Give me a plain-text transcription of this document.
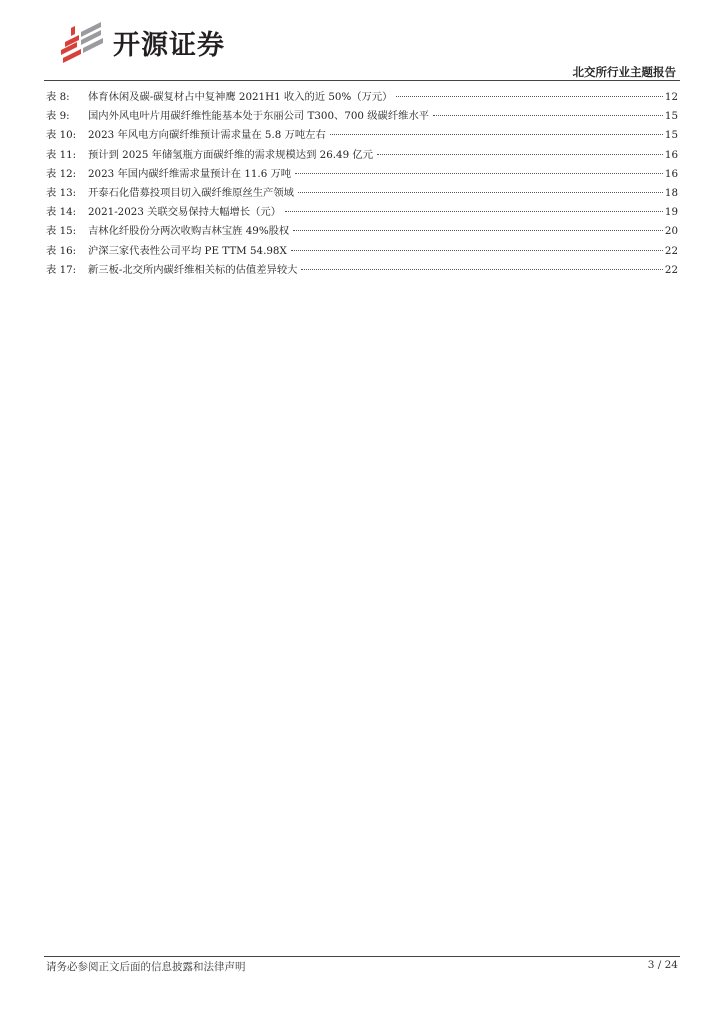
开源证券
北交所行业主题报告
表 8:	体育休闲及碳-碳复材占中复神鹰 2021H1 收入的近 50%（万元）	12
表 9:	国内外风电叶片用碳纤维性能基本处于东丽公司 T300、700 级碳纤维水平	15
表 10:	2023 年风电方向碳纤维预计需求量在 5.8 万吨左右	15
表 11:	预计到 2025 年储氢瓶方面碳纤维的需求规模达到 26.49 亿元	16
表 12:	2023 年国内碳纤维需求量预计在 11.6 万吨	16
表 13:	开泰石化借募投项目切入碳纤维原丝生产领域	18
表 14:	2021-2023 关联交易保持大幅增长（元）	19
表 15:	吉林化纤股份分两次收购吉林宝旌 49%股权	20
表 16:	沪深三家代表性公司平均 PE TTM 54.98X	22
表 17:	新三板-北交所内碳纤维相关标的估值差异较大	22
请务必参阅正文后面的信息披露和法律声明	3 / 24
